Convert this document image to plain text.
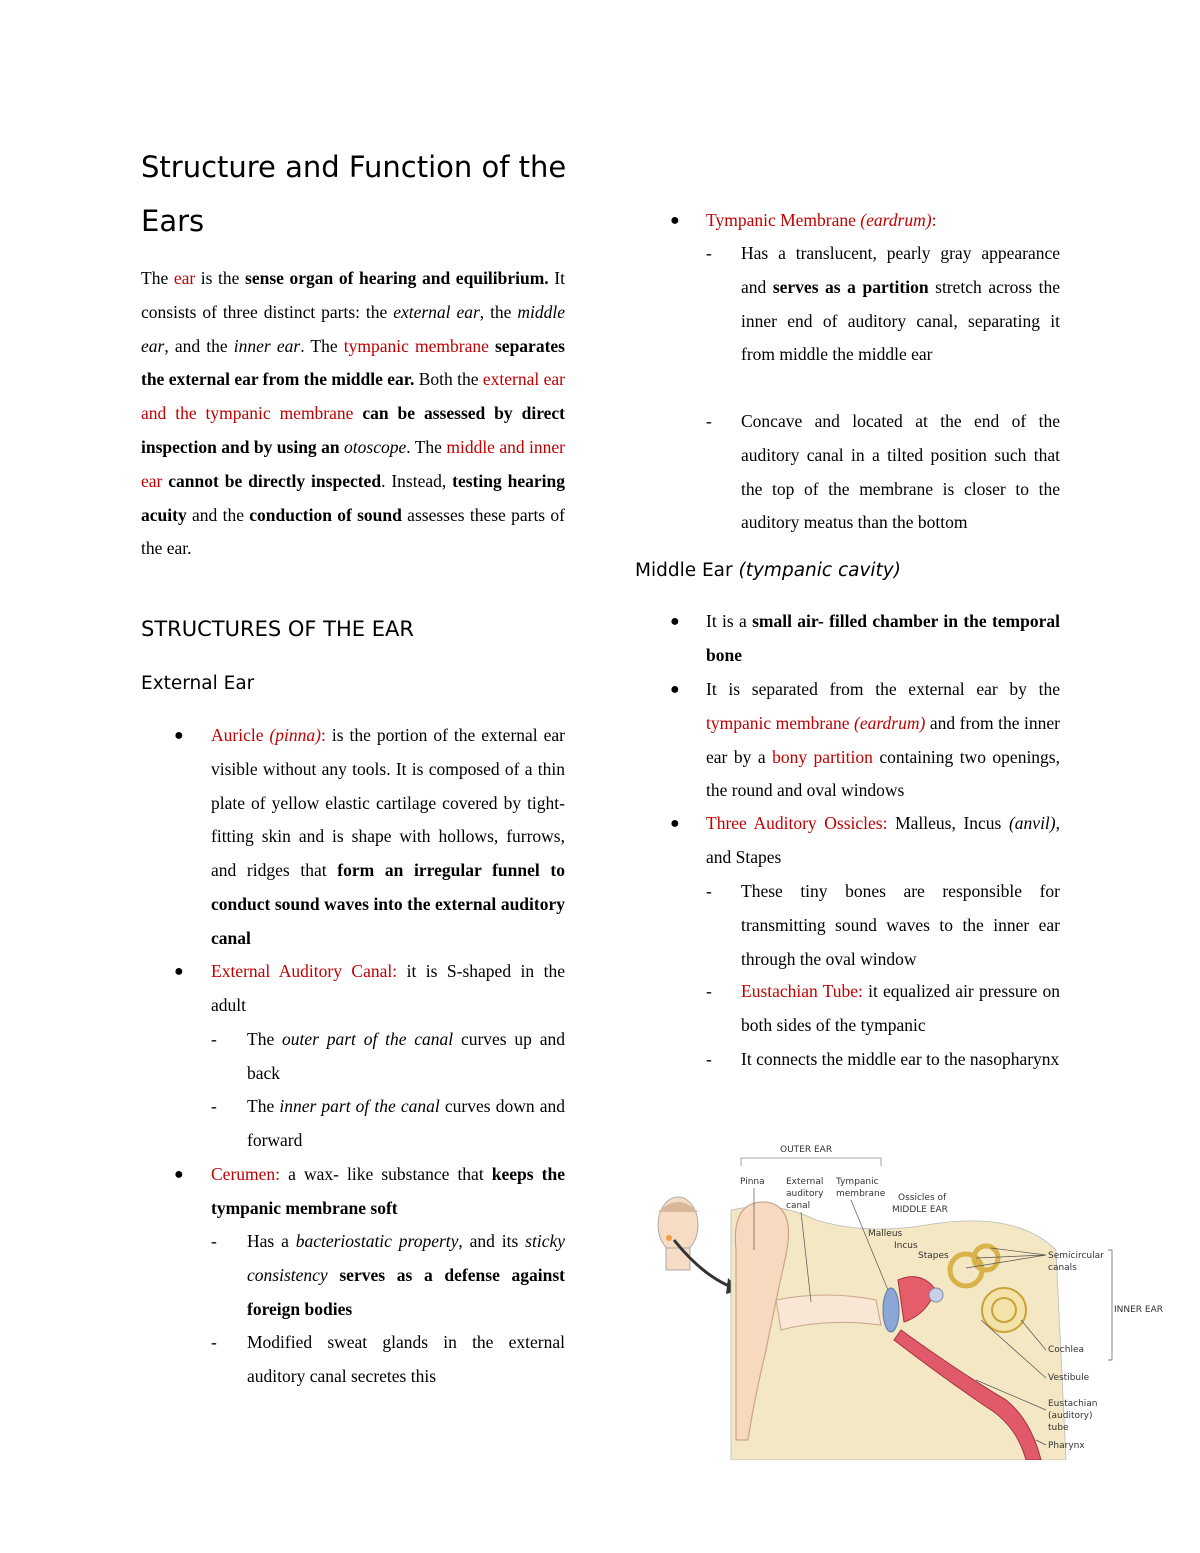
Structure and Function of the Ears

The ear is the sense organ of hearing and equilibrium. It consists of three distinct parts: the external ear, the middle ear, and the inner ear. The tympanic membrane separates the external ear from the middle ear. Both the external ear and the tympanic membrane can be assessed by direct inspection and by using an otoscope. The middle and inner ear cannot be directly inspected. Instead, testing hearing acuity and the conduction of sound assesses these parts of the ear.

STRUCTURES OF THE EAR
External Ear
● Auricle (pinna): is the portion of the external ear visible without any tools. It is composed of a thin plate of yellow elastic cartilage covered by tight-fitting skin and is shape with hollows, furrows, and ridges that form an irregular funnel to conduct sound waves into the external auditory canal
● External Auditory Canal: it is S-shaped in the adult
- The outer part of the canal curves up and back
- The inner part of the canal curves down and forward
● Cerumen: a wax- like substance that keeps the tympanic membrane soft
- Has a bacteriostatic property, and its sticky consistency serves as a defense against foreign bodies
- Modified sweat glands in the external auditory canal secretes this
● Tympanic Membrane (eardrum):
- Has a translucent, pearly gray appearance and serves as a partition stretch across the inner end of auditory canal, separating it from middle the middle ear
- Concave and located at the end of the auditory canal in a tilted position such that the top of the membrane is closer to the auditory meatus than the bottom
Middle Ear (tympanic cavity)
● It is a small air- filled chamber in the temporal bone
● It is separated from the external ear by the tympanic membrane (eardrum) and from the inner ear by a bony partition containing two openings, the round and oval windows
● Three Auditory Ossicles: Malleus, Incus (anvil), and Stapes
- These tiny bones are responsible for transmitting sound waves to the inner ear through the oval window
- Eustachian Tube: it equalized air pressure on both sides of the tympanic
- It connects the middle ear to the nasopharynx
OUTER EAR
Pinna External
auditory
canal
Tympanic
membrane Ossicles of
MIDDLE EAR
Malleus
Incus
Stapes	Semicircular
canals
INNER EAR
Cochlea
Vestibule
Eustachian
(auditory)
tube
Pharynx
